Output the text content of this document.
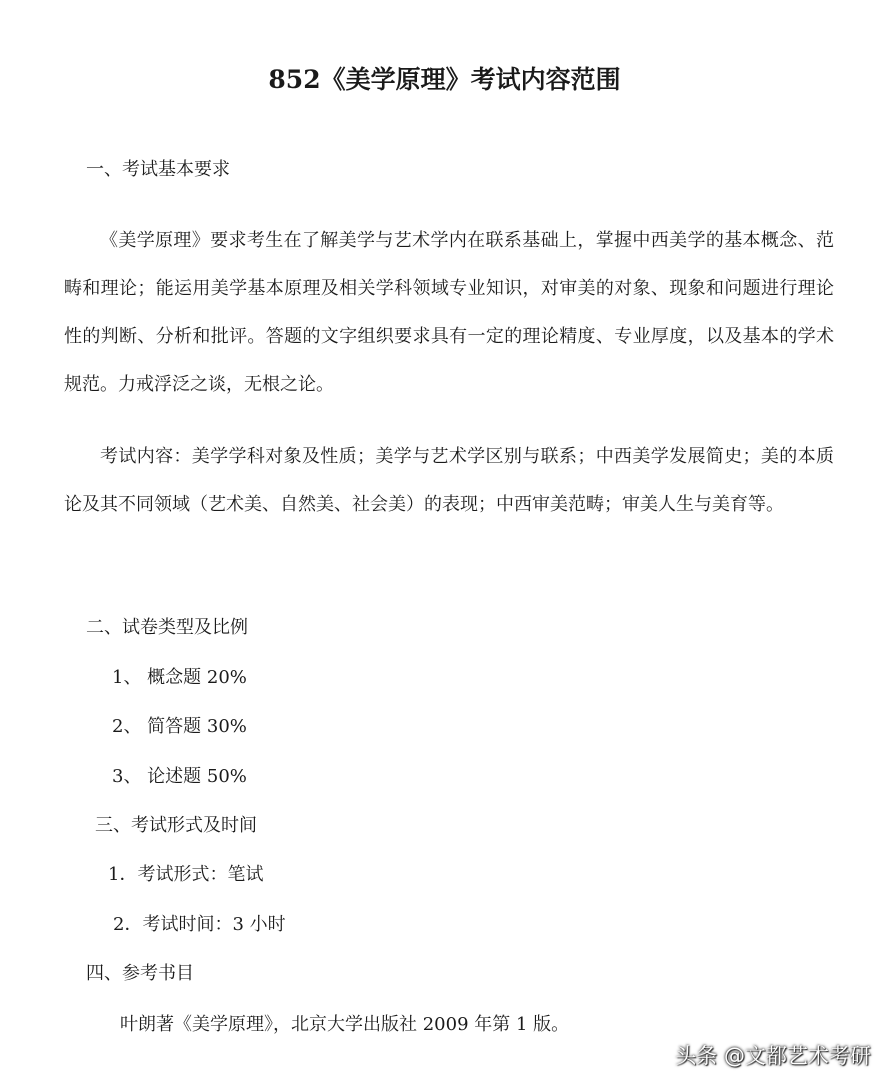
852《美学原理》考试内容范围
一、考试基本要求

《美学原理》要求考生在了解美学与艺术学内在联系基础上，掌握中西美学的基本概念、范畴和理论；能运用美学基本原理及相关学科领域专业知识，对审美的对象、现象和问题进行理论性的判断、分析和批评。答题的文字组织要求具有一定的理论精度、专业厚度，以及基本的学术规范。力戒浮泛之谈，无根之论。

考试内容：美学学科对象及性质；美学与艺术学区别与联系；中西美学发展简史；美的本质论及其不同领域（艺术美、自然美、社会美）的表现；中西审美范畴；审美人生与美育等。

二、试卷类型及比例
1、 概念题 20%
2、 简答题 30%
3、 论述题 50%
三、考试形式及时间
1．考试形式：笔试
2．考试时间：3 小时
四、参考书目
叶朗著《美学原理》，北京大学出版社 2009 年第 1 版。
头条 @文都艺术考研
